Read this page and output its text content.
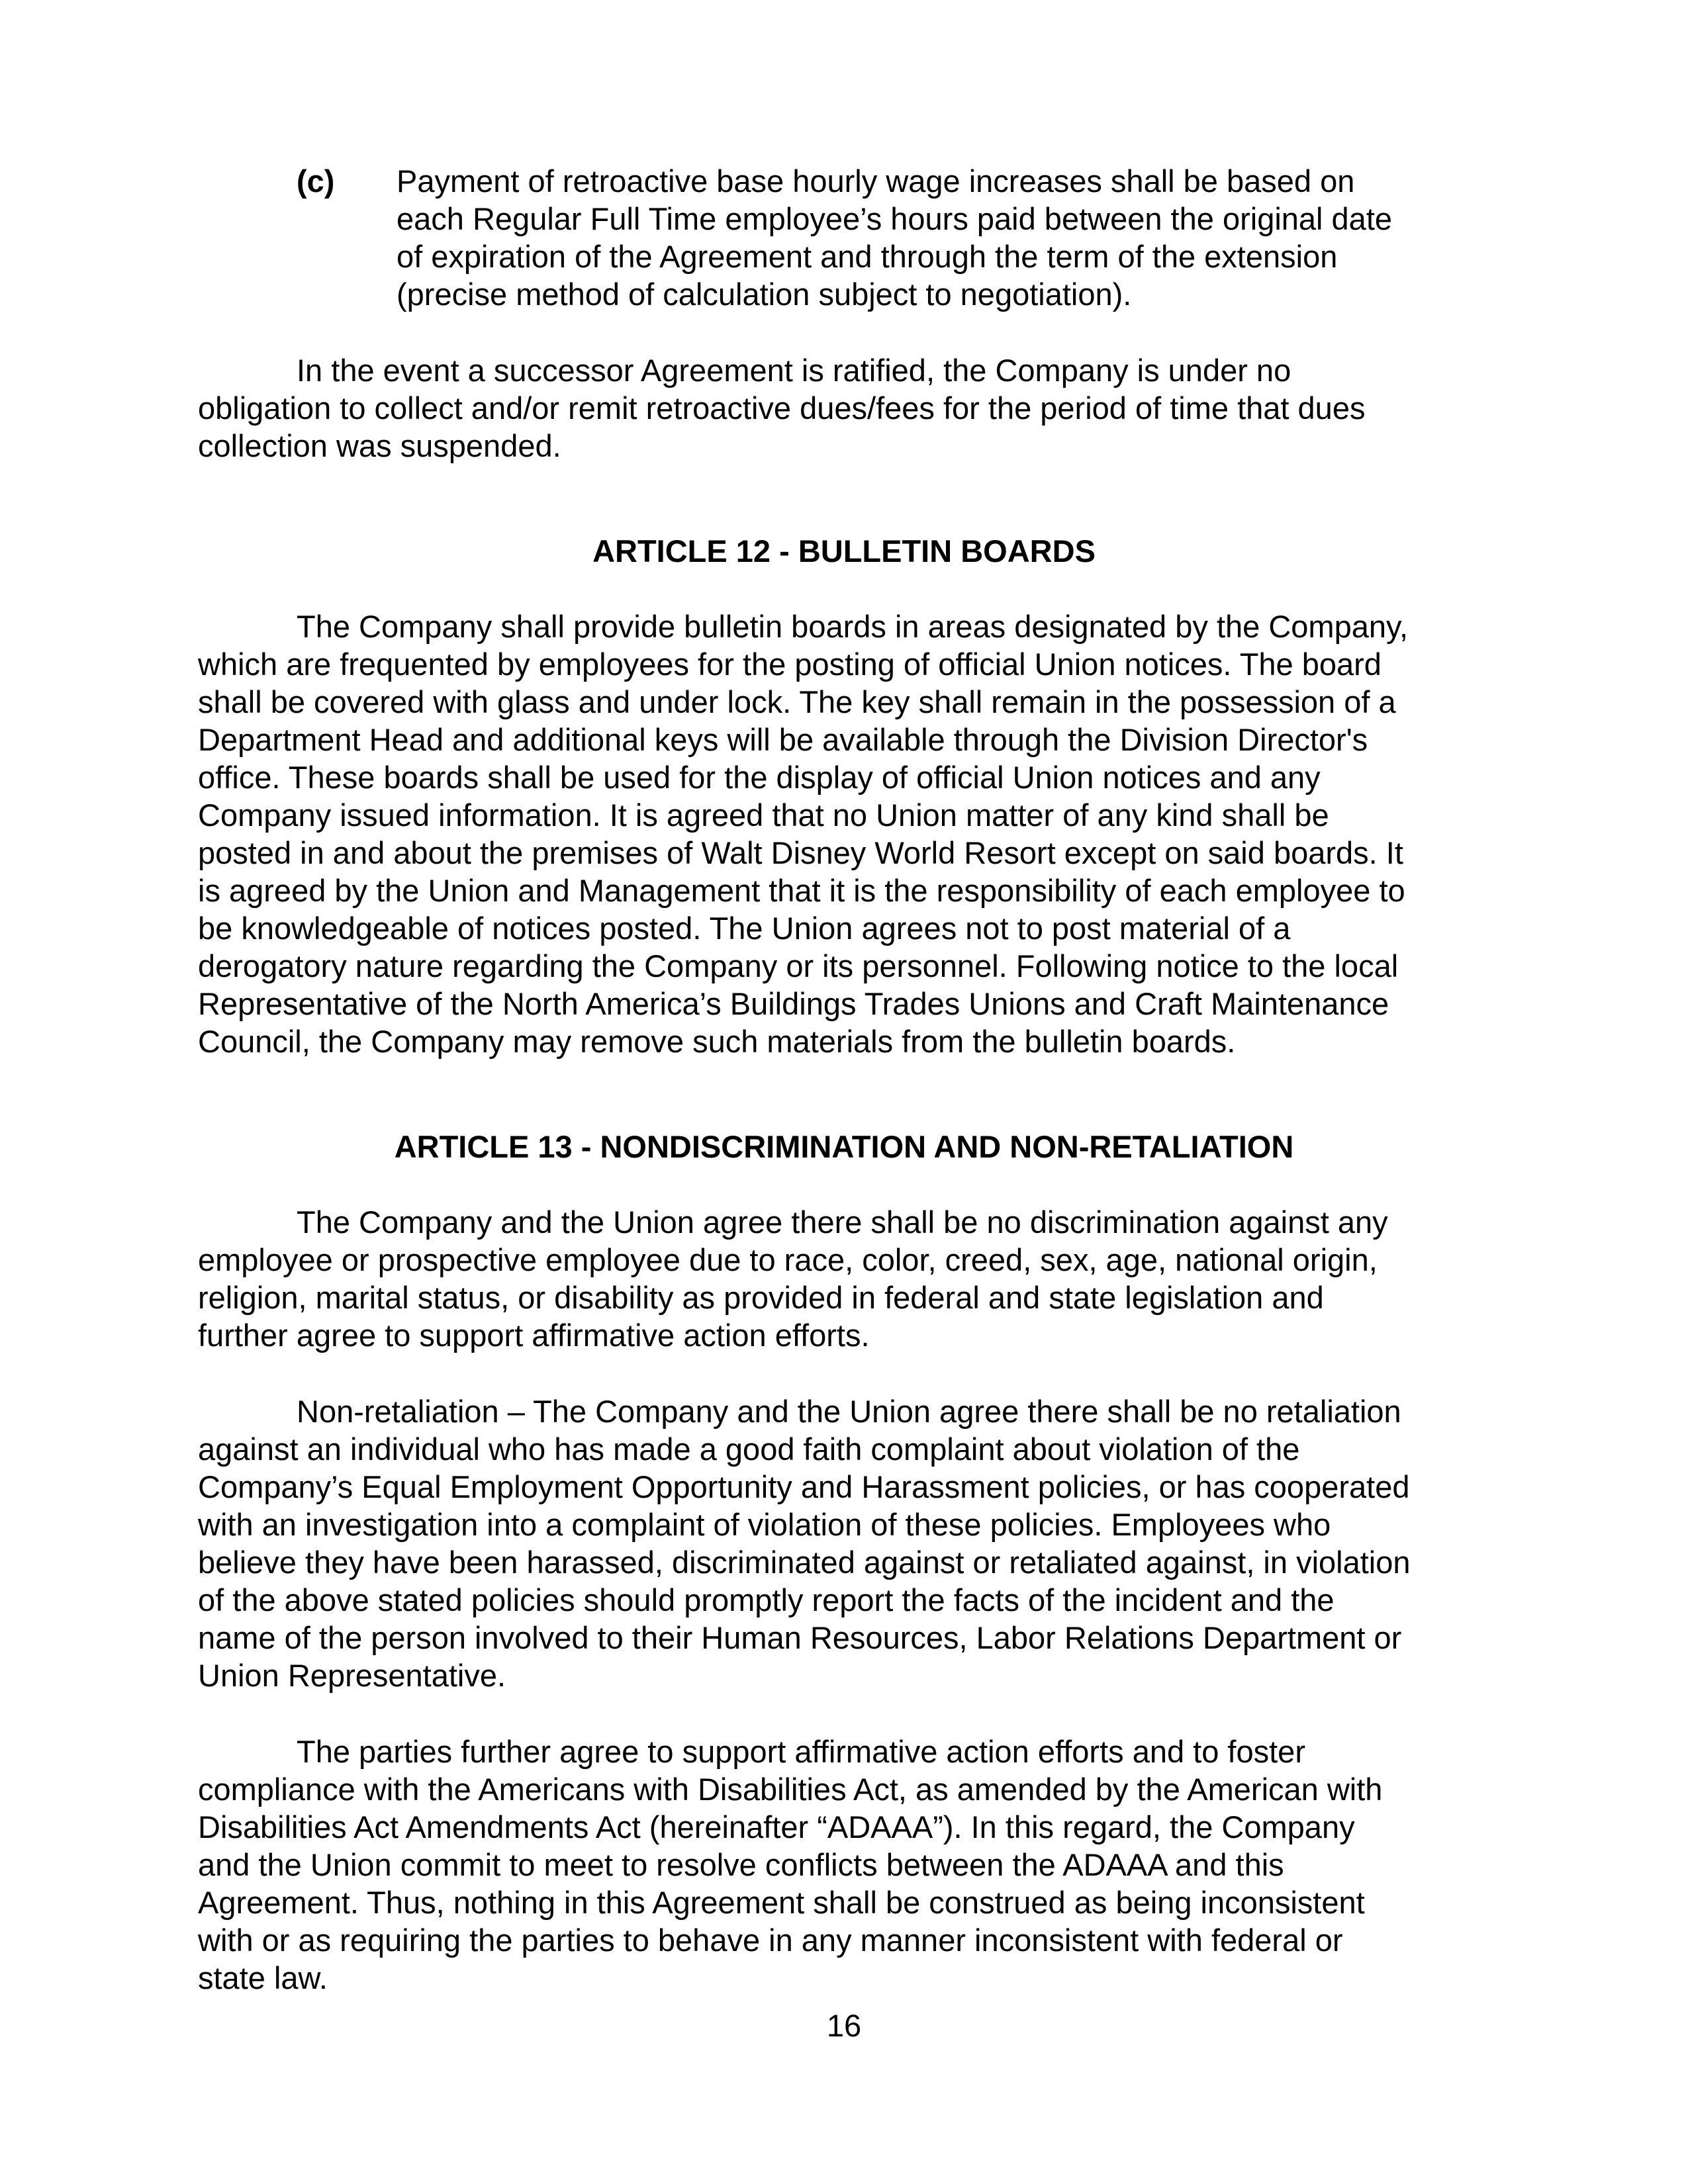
(c) Payment of retroactive base hourly wage increases shall be based on
each Regular Full Time employee’s hours paid between the original date
of expiration of the Agreement and through the term of the extension
(precise method of calculation subject to negotiation).
In the event a successor Agreement is ratified, the Company is under no
obligation to collect and/or remit retroactive dues/fees for the period of time that dues
collection was suspended.
ARTICLE 12 - BULLETIN BOARDS
The Company shall provide bulletin boards in areas designated by the Company,
which are frequented by employees for the posting of official Union notices. The board
shall be covered with glass and under lock. The key shall remain in the possession of a
Department Head and additional keys will be available through the Division Director's
office. These boards shall be used for the display of official Union notices and any
Company issued information. It is agreed that no Union matter of any kind shall be
posted in and about the premises of Walt Disney World Resort except on said boards. It
is agreed by the Union and Management that it is the responsibility of each employee to
be knowledgeable of notices posted. The Union agrees not to post material of a
derogatory nature regarding the Company or its personnel. Following notice to the local
Representative of the North America’s Buildings Trades Unions and Craft Maintenance
Council, the Company may remove such materials from the bulletin boards.
ARTICLE 13 - NONDISCRIMINATION AND NON-RETALIATION
The Company and the Union agree there shall be no discrimination against any
employee or prospective employee due to race, color, creed, sex, age, national origin,
religion, marital status, or disability as provided in federal and state legislation and
further agree to support affirmative action efforts.
Non-retaliation – The Company and the Union agree there shall be no retaliation
against an individual who has made a good faith complaint about violation of the
Company’s Equal Employment Opportunity and Harassment policies, or has cooperated
with an investigation into a complaint of violation of these policies. Employees who
believe they have been harassed, discriminated against or retaliated against, in violation
of the above stated policies should promptly report the facts of the incident and the
name of the person involved to their Human Resources, Labor Relations Department or
Union Representative.
The parties further agree to support affirmative action efforts and to foster
compliance with the Americans with Disabilities Act, as amended by the American with
Disabilities Act Amendments Act (hereinafter “ADAAA”). In this regard, the Company
and the Union commit to meet to resolve conflicts between the ADAAA and this
Agreement. Thus, nothing in this Agreement shall be construed as being inconsistent
with or as requiring the parties to behave in any manner inconsistent with federal or
state law.
16
